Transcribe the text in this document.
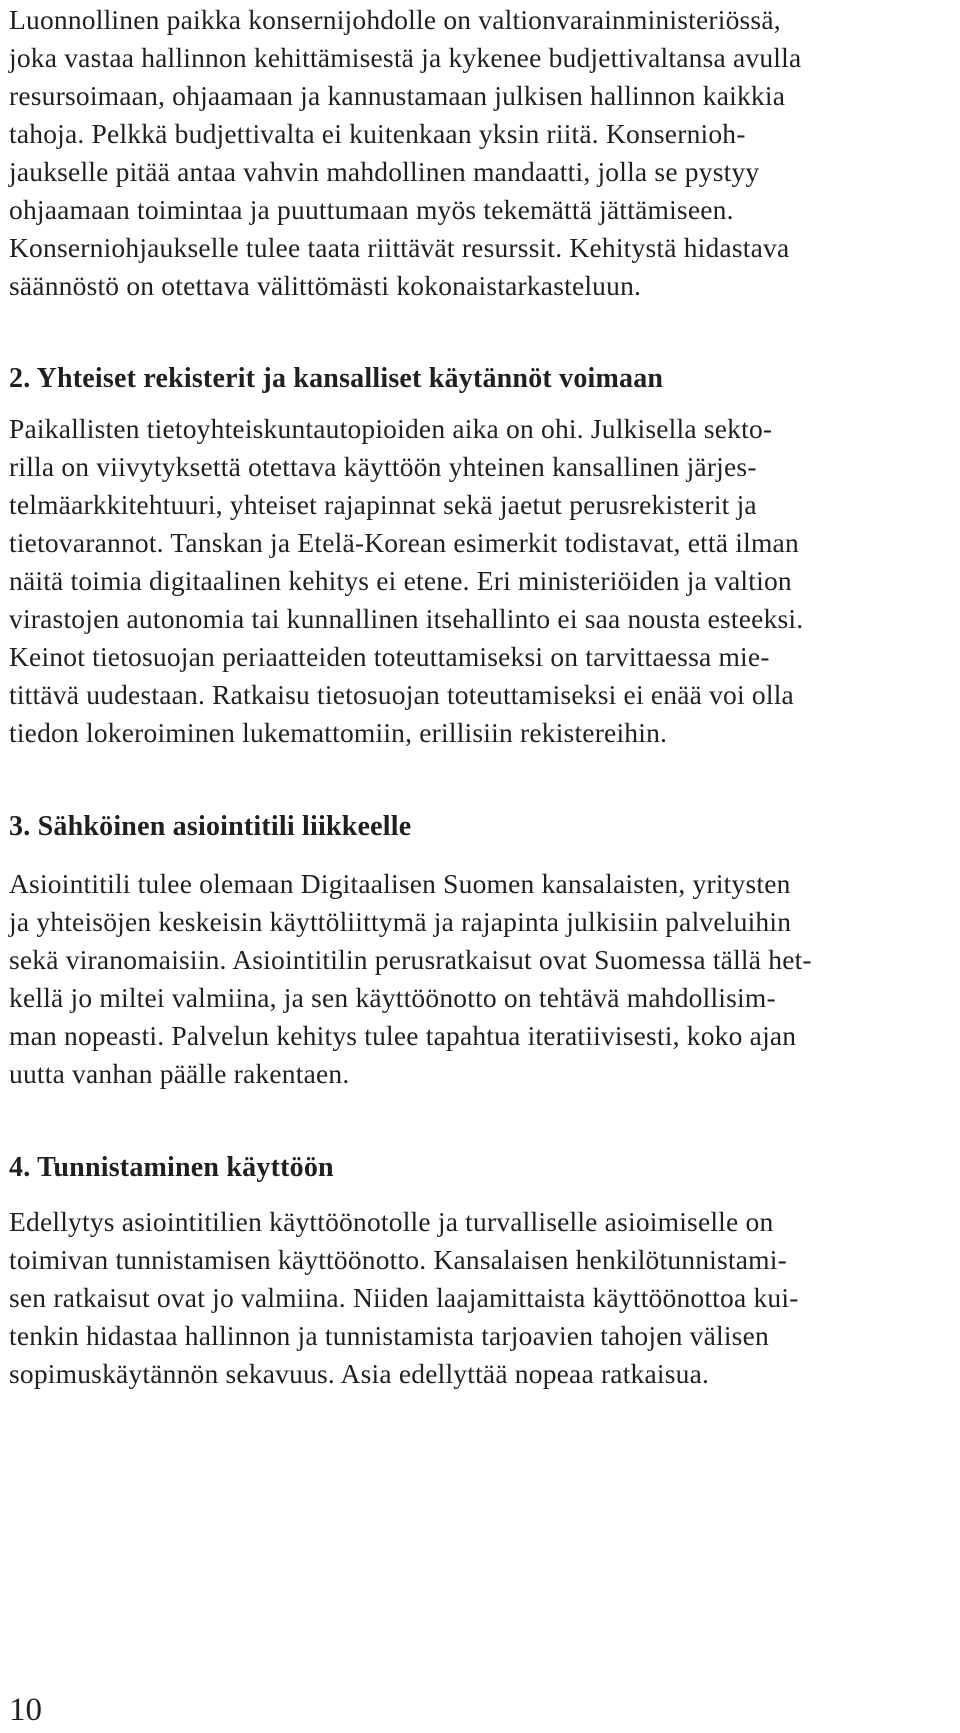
Luonnollinen paikka konsernijohdolle on valtionvarainministeriössä,
joka vastaa hallinnon kehittämisestä ja kykenee budjettivaltansa avulla
resursoimaan, ohjaamaan ja kannustamaan julkisen hallinnon kaikkia
tahoja. Pelkkä budjettivalta ei kuitenkaan yksin riitä. Konsernioh-
jaukselle pitää antaa vahvin mahdollinen mandaatti, jolla se pystyy
ohjaamaan toimintaa ja puuttumaan myös tekemättä jättämiseen.
Konserniohjaukselle tulee taata riittävät resurssit. Kehitystä hidastava
säännöstö on otettava välittömästi kokonaistarkasteluun.
2. Yhteiset rekisterit ja kansalliset käytännöt voimaan
Paikallisten tietoyhteiskuntautopioiden aika on ohi. Julkisella sekto-
rilla on viivytyksettä otettava käyttöön yhteinen kansallinen järjes-
telmäarkkitehtuuri, yhteiset rajapinnat sekä jaetut perusrekisterit ja
tietovarannot. Tanskan ja Etelä-Korean esimerkit todistavat, että ilman
näitä toimia digitaalinen kehitys ei etene. Eri ministeriöiden ja valtion
virastojen autonomia tai kunnallinen itsehallinto ei saa nousta esteeksi.
Keinot tietosuojan periaatteiden toteuttamiseksi on tarvittaessa mie-
tittävä uudestaan. Ratkaisu tietosuojan toteuttamiseksi ei enää voi olla
tiedon lokeroiminen lukemattomiin, erillisiin rekistereihin.
3. Sähköinen asiointitili liikkeelle
Asiointitili tulee olemaan Digitaalisen Suomen kansalaisten, yritysten
ja yhteisöjen keskeisin käyttöliittymä ja rajapinta julkisiin palveluihin
sekä viranomaisiin. Asiointitilin perusratkaisut ovat Suomessa tällä het-
kellä jo miltei valmiina, ja sen käyttöönotto on tehtävä mahdollisim-
man nopeasti. Palvelun kehitys tulee tapahtua iteratiivisesti, koko ajan
uutta vanhan päälle rakentaen.
4. Tunnistaminen käyttöön
Edellytys asiointitilien käyttöönotolle ja turvalliselle asioimiselle on
toimivan tunnistamisen käyttöönotto. Kansalaisen henkilötunnistami-
sen ratkaisut ovat jo valmiina. Niiden laajamittaista käyttöönottoa kui-
tenkin hidastaa hallinnon ja tunnistamista tarjoavien tahojen välisen
sopimuskäytännön sekavuus. Asia edellyttää nopeaa ratkaisua.
10
